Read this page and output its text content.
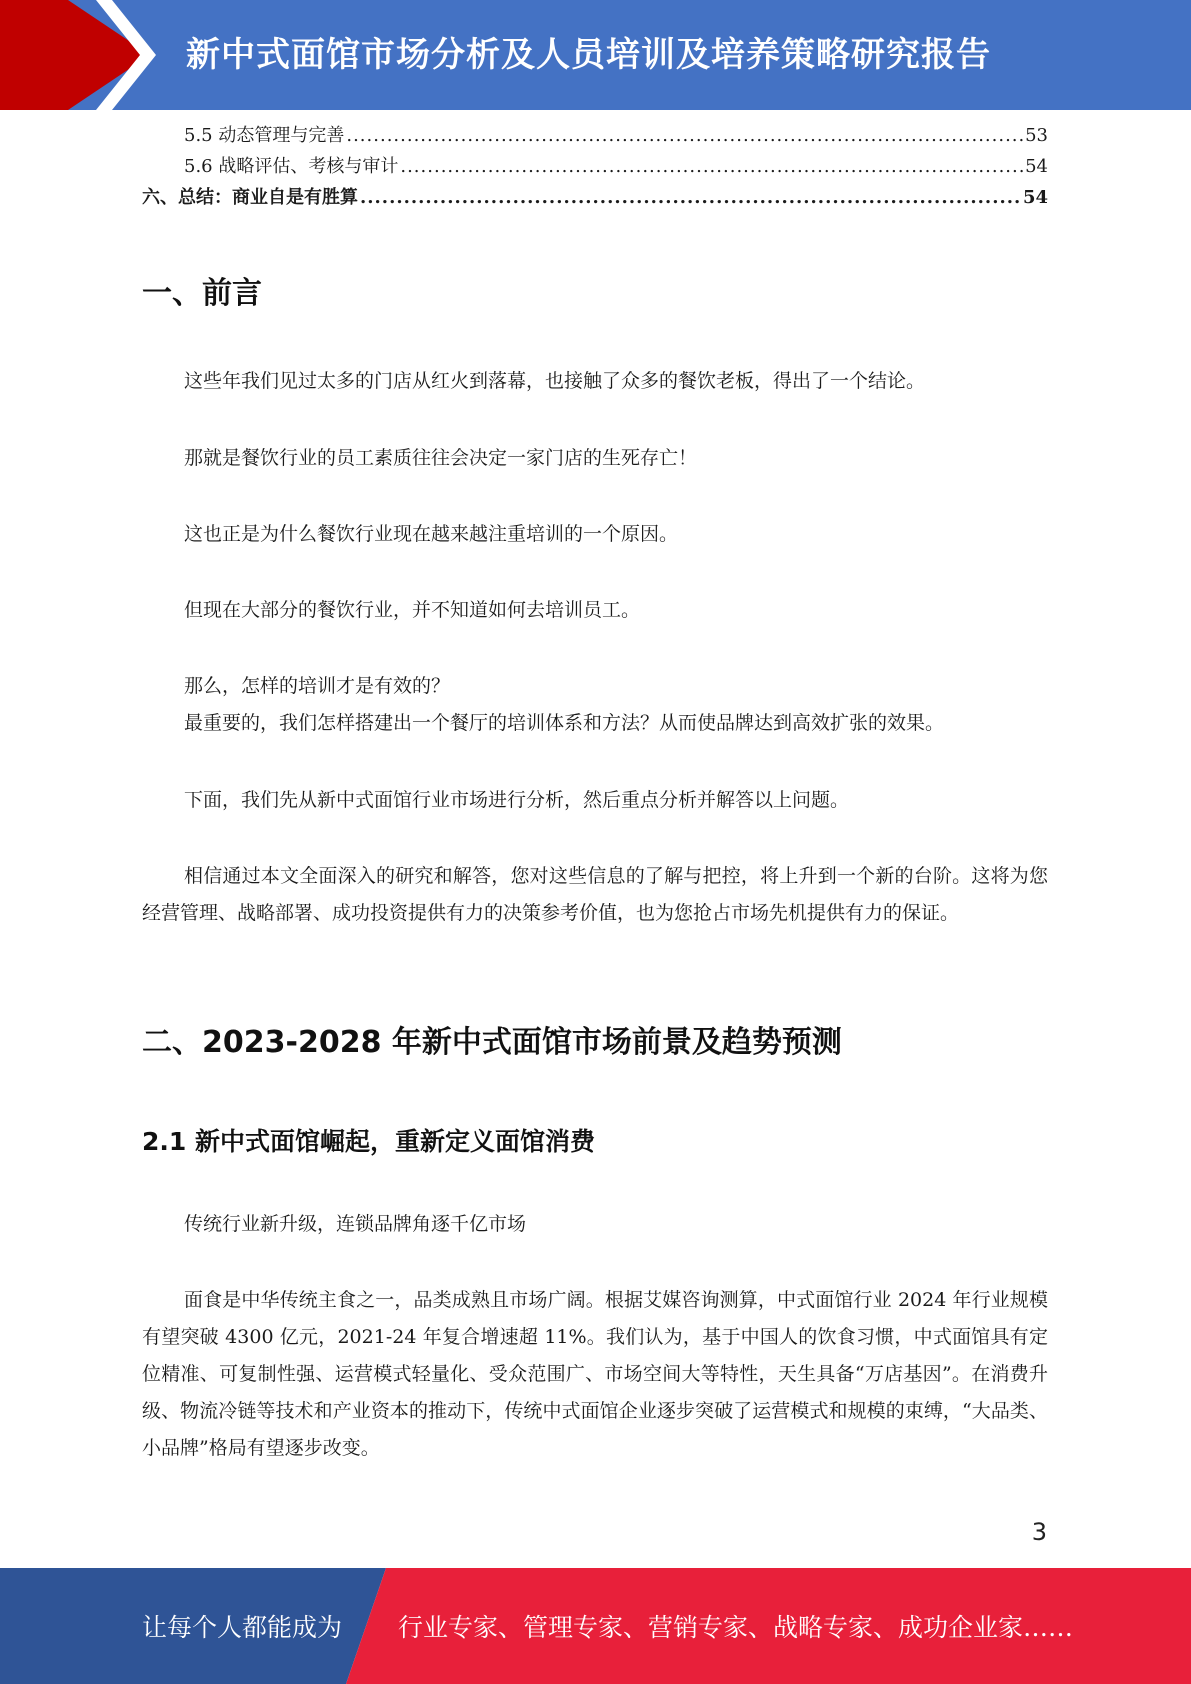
新中式面馆市场分析及人员培训及培养策略研究报告
5.5 动态管理与完善 .....	53
5.6 战略评估、考核与审计 .....	54
六、总结：商业自是有胜算 .....	54
一、前言

这些年我们见过太多的门店从红火到落幕，也接触了众多的餐饮老板，得出了一个结论。

那就是餐饮行业的员工素质往往会决定一家门店的生死存亡！

这也正是为什么餐饮行业现在越来越注重培训的一个原因。

但现在大部分的餐饮行业，并不知道如何去培训员工。

那么，怎样的培训才是有效的？

最重要的，我们怎样搭建出一个餐厅的培训体系和方法？从而使品牌达到高效扩张的效果。

下面，我们先从新中式面馆行业市场进行分析，然后重点分析并解答以上问题。

相信通过本文全面深入的研究和解答，您对这些信息的了解与把控，将上升到一个新的台阶。这将为您经营管理、战略部署、成功投资提供有力的决策参考价值，也为您抢占市场先机提供有力的保证。

二、2023-2028 年新中式面馆市场前景及趋势预测
2.1 新中式面馆崛起，重新定义面馆消费

传统行业新升级，连锁品牌角逐千亿市场

面食是中华传统主食之一，品类成熟且市场广阔。根据艾媒咨询测算，中式面馆行业 2024 年行业规模有望突破 4300 亿元，2021-24 年复合增速超 11%。我们认为，基于中国人的饮食习惯，中式面馆具有定位精准、可复制性强、运营模式轻量化、受众范围广、市场空间大等特性，天生具备“万店基因”。在消费升级、物流冷链等技术和产业资本的推动下，传统中式面馆企业逐步突破了运营模式和规模的束缚，“大品类、小品牌”格局有望逐步改变。

3
让每个人都能成为 行业专家、管理专家、营销专家、战略专家、成功企业家……
